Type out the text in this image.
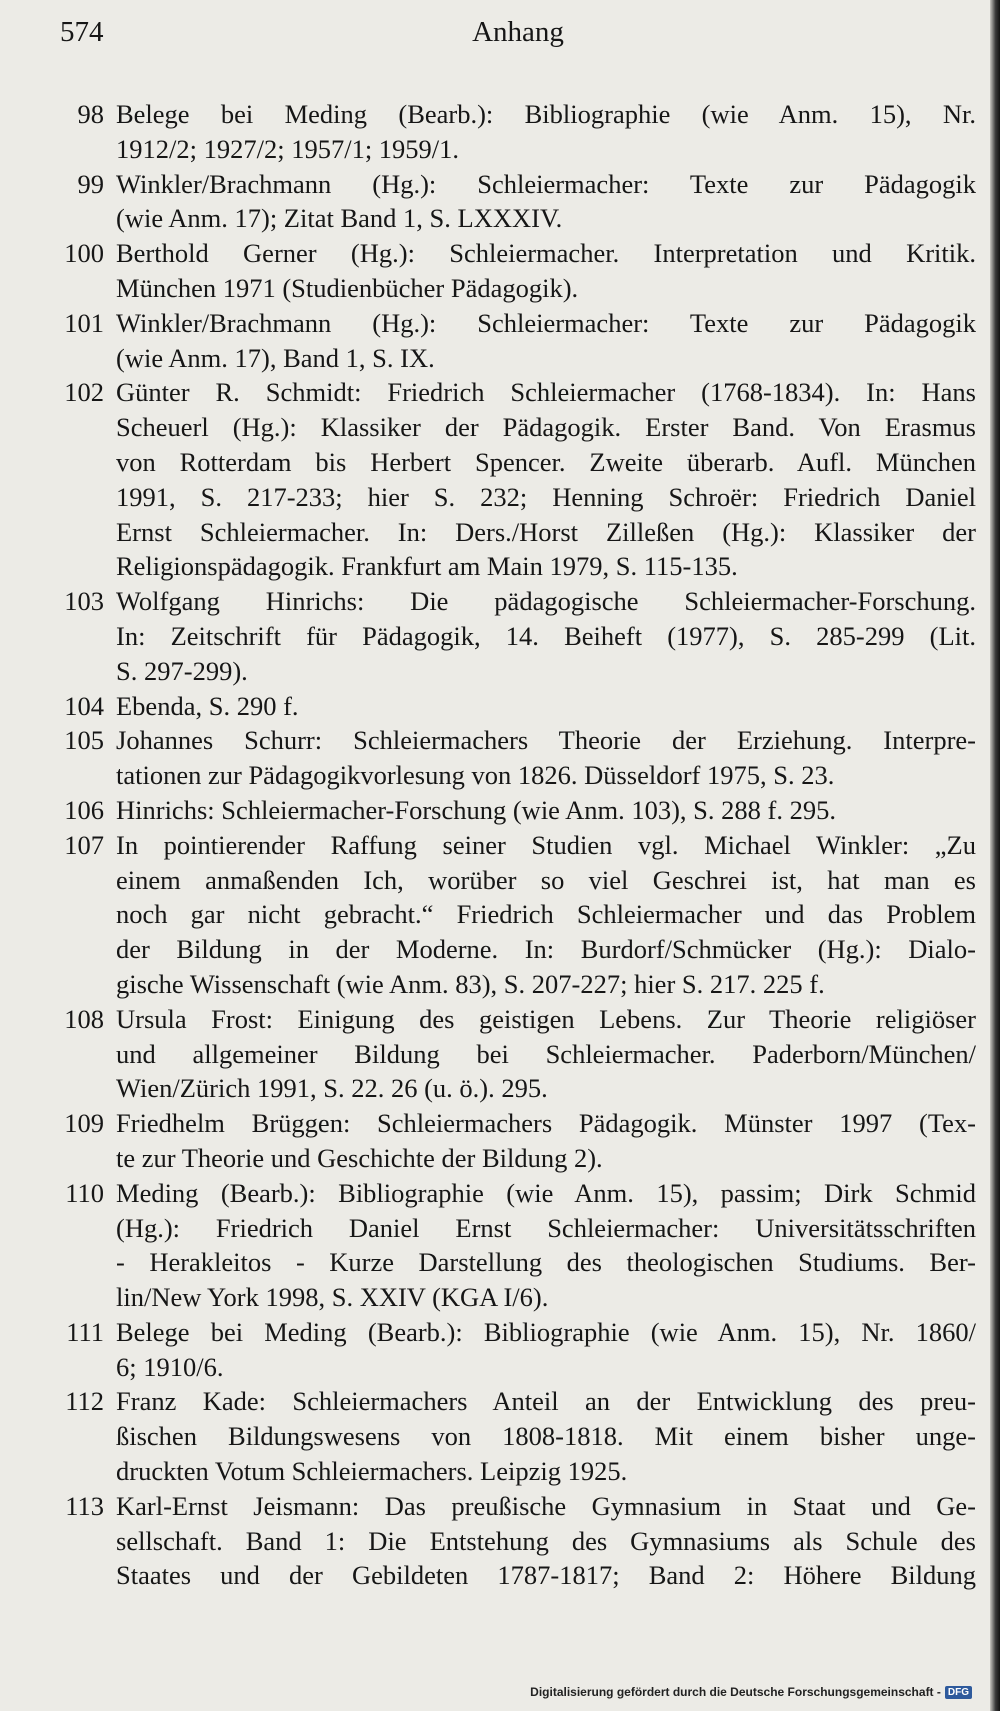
574	Anhang
98 Belege bei Meding (Bearb.): Bibliographie (wie Anm. 15), Nr.
1912/2; 1927/2; 1957/1; 1959/1.
99 Winkler/Brachmann (Hg.): Schleiermacher: Texte zur Pädagogik
(wie Anm. 17); Zitat Band 1, S. LXXXIV.
100 Berthold Gerner (Hg.): Schleiermacher. Interpretation und Kritik.
München 1971 (Studienbücher Pädagogik).
101 Winkler/Brachmann (Hg.): Schleiermacher: Texte zur Pädagogik
(wie Anm. 17), Band 1, S. IX.
102 Günter R. Schmidt: Friedrich Schleiermacher (1768-1834). In: Hans
Scheuerl (Hg.): Klassiker der Pädagogik. Erster Band. Von Erasmus
von Rotterdam bis Herbert Spencer. Zweite überarb. Aufl. München
1991, S. 217-233; hier S. 232; Henning Schroër: Friedrich Daniel
Ernst Schleiermacher. In: Ders./Horst Zilleßen (Hg.): Klassiker der
Religionspädagogik. Frankfurt am Main 1979, S. 115-135.
103 Wolfgang Hinrichs: Die pädagogische Schleiermacher-Forschung.
In: Zeitschrift für Pädagogik, 14. Beiheft (1977), S. 285-299 (Lit.
S. 297-299).
104 Ebenda, S. 290 f.
105 Johannes Schurr: Schleiermachers Theorie der Erziehung. Interpre-
tationen zur Pädagogikvorlesung von 1826. Düsseldorf 1975, S. 23.
106 Hinrichs: Schleiermacher-Forschung (wie Anm. 103), S. 288 f. 295.
107 In pointierender Raffung seiner Studien vgl. Michael Winkler: „Zu
einem anmaßenden Ich, worüber so viel Geschrei ist, hat man es
noch gar nicht gebracht.“ Friedrich Schleiermacher und das Problem
der Bildung in der Moderne. In: Burdorf/Schmücker (Hg.): Dialo-
gische Wissenschaft (wie Anm. 83), S. 207-227; hier S. 217. 225 f.
108 Ursula Frost: Einigung des geistigen Lebens. Zur Theorie religiöser
und allgemeiner Bildung bei Schleiermacher. Paderborn/München/
Wien/Zürich 1991, S. 22. 26 (u. ö.). 295.
109 Friedhelm Brüggen: Schleiermachers Pädagogik. Münster 1997 (Tex-
te zur Theorie und Geschichte der Bildung 2).
110 Meding (Bearb.): Bibliographie (wie Anm. 15), passim; Dirk Schmid
(Hg.): Friedrich Daniel Ernst Schleiermacher: Universitätsschriften
- Herakleitos - Kurze Darstellung des theologischen Studiums. Ber-
lin/New York 1998, S. XXIV (KGA I/6).
111 Belege bei Meding (Bearb.): Bibliographie (wie Anm. 15), Nr. 1860/
6; 1910/6.
112 Franz Kade: Schleiermachers Anteil an der Entwicklung des preu-
ßischen Bildungswesens von 1808-1818. Mit einem bisher unge-
druckten Votum Schleiermachers. Leipzig 1925.
113 Karl-Ernst Jeismann: Das preußische Gymnasium in Staat und Ge-
sellschaft. Band 1: Die Entstehung des Gymnasiums als Schule des
Staates und der Gebildeten 1787-1817; Band 2: Höhere Bildung
Digitalisierung gefördert durch die Deutsche Forschungsgemeinschaft - DFG
